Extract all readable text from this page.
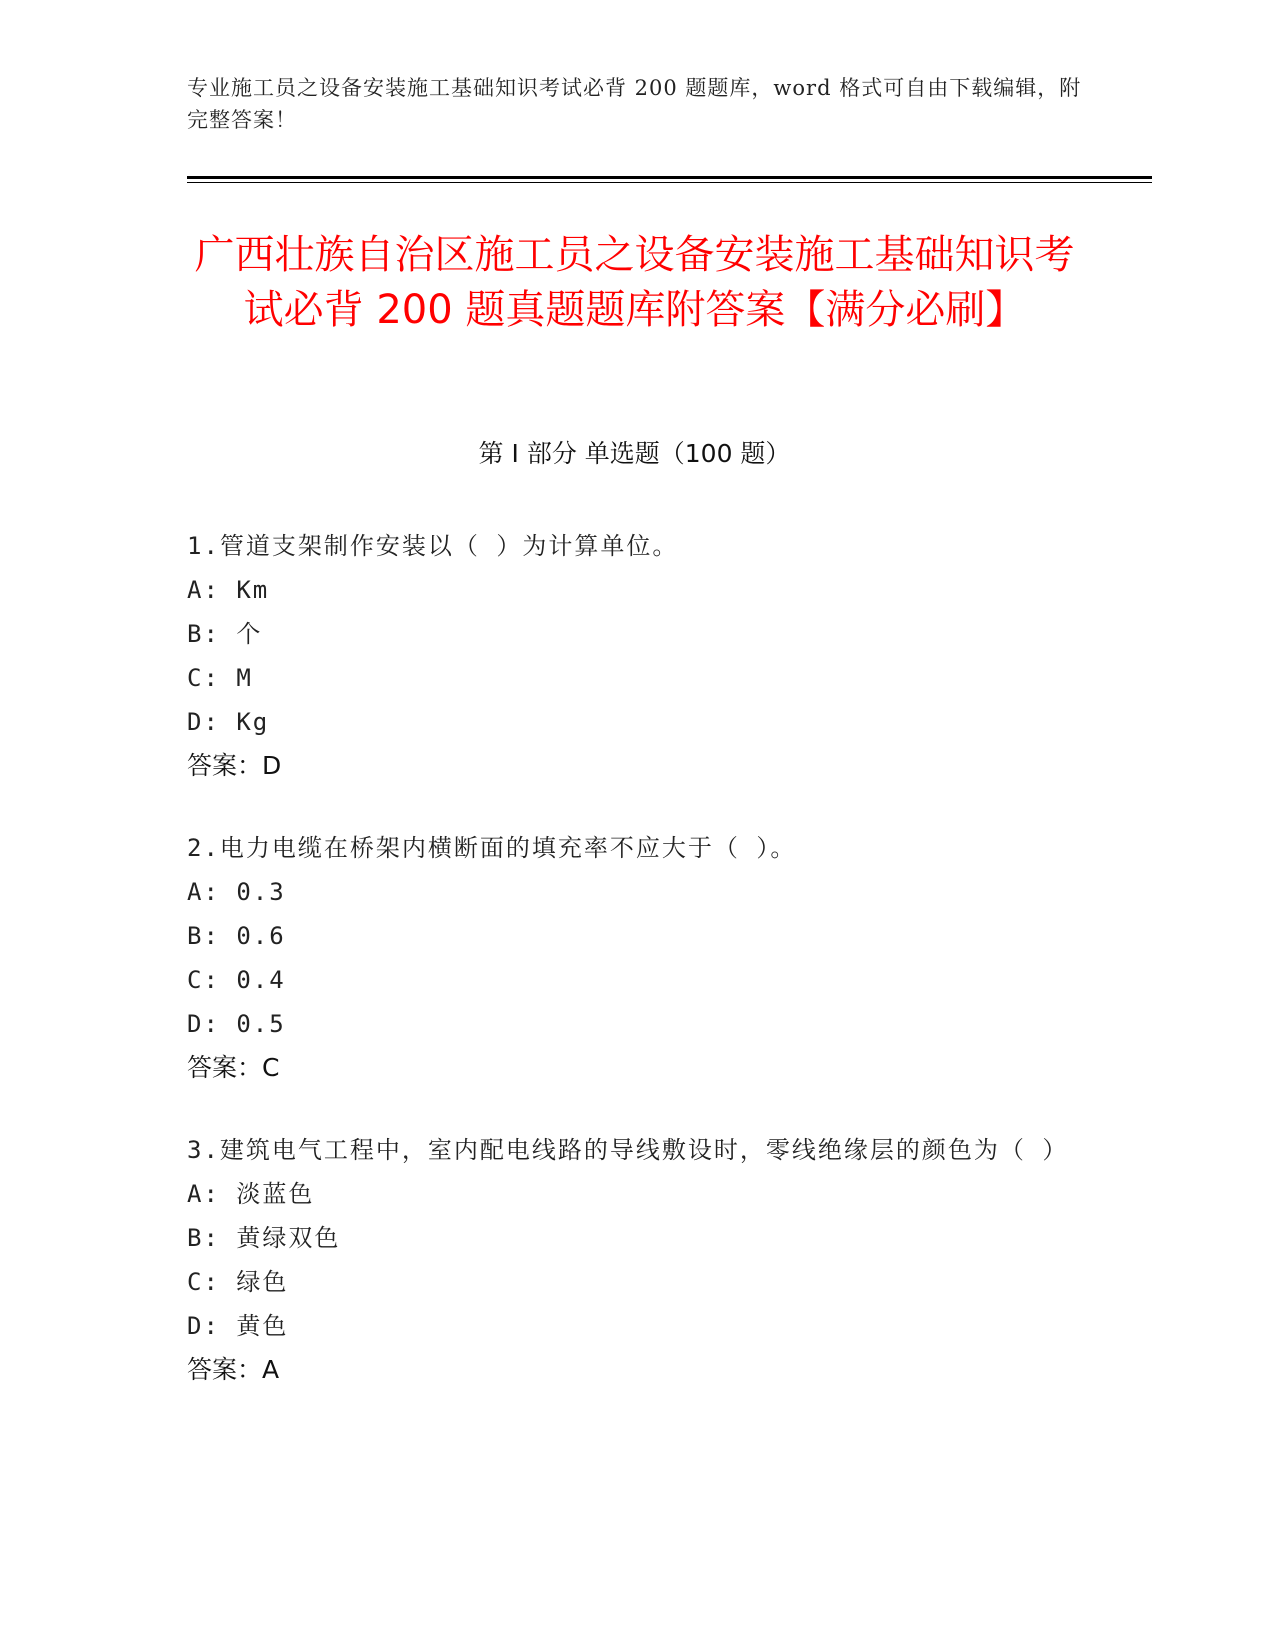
专业施工员之设备安装施工基础知识考试必背 200 题题库，word 格式可自由下载编辑，附完整答案！
广西壮族自治区施工员之设备安装施工基础知识考试必背 200 题真题题库附答案【满分必刷】
第 I 部分 单选题（100 题）
1.管道支架制作安装以（ ）为计算单位。
A: Km
B: 个
C: M
D: Kg
答案：D
2.电力电缆在桥架内横断面的填充率不应大于（ ）。
A: 0.3
B: 0.6
C: 0.4
D: 0.5
答案：C
3.建筑电气工程中，室内配电线路的导线敷设时，零线绝缘层的颜色为（ ）
A: 淡蓝色
B: 黄绿双色
C: 绿色
D: 黄色
答案：A
